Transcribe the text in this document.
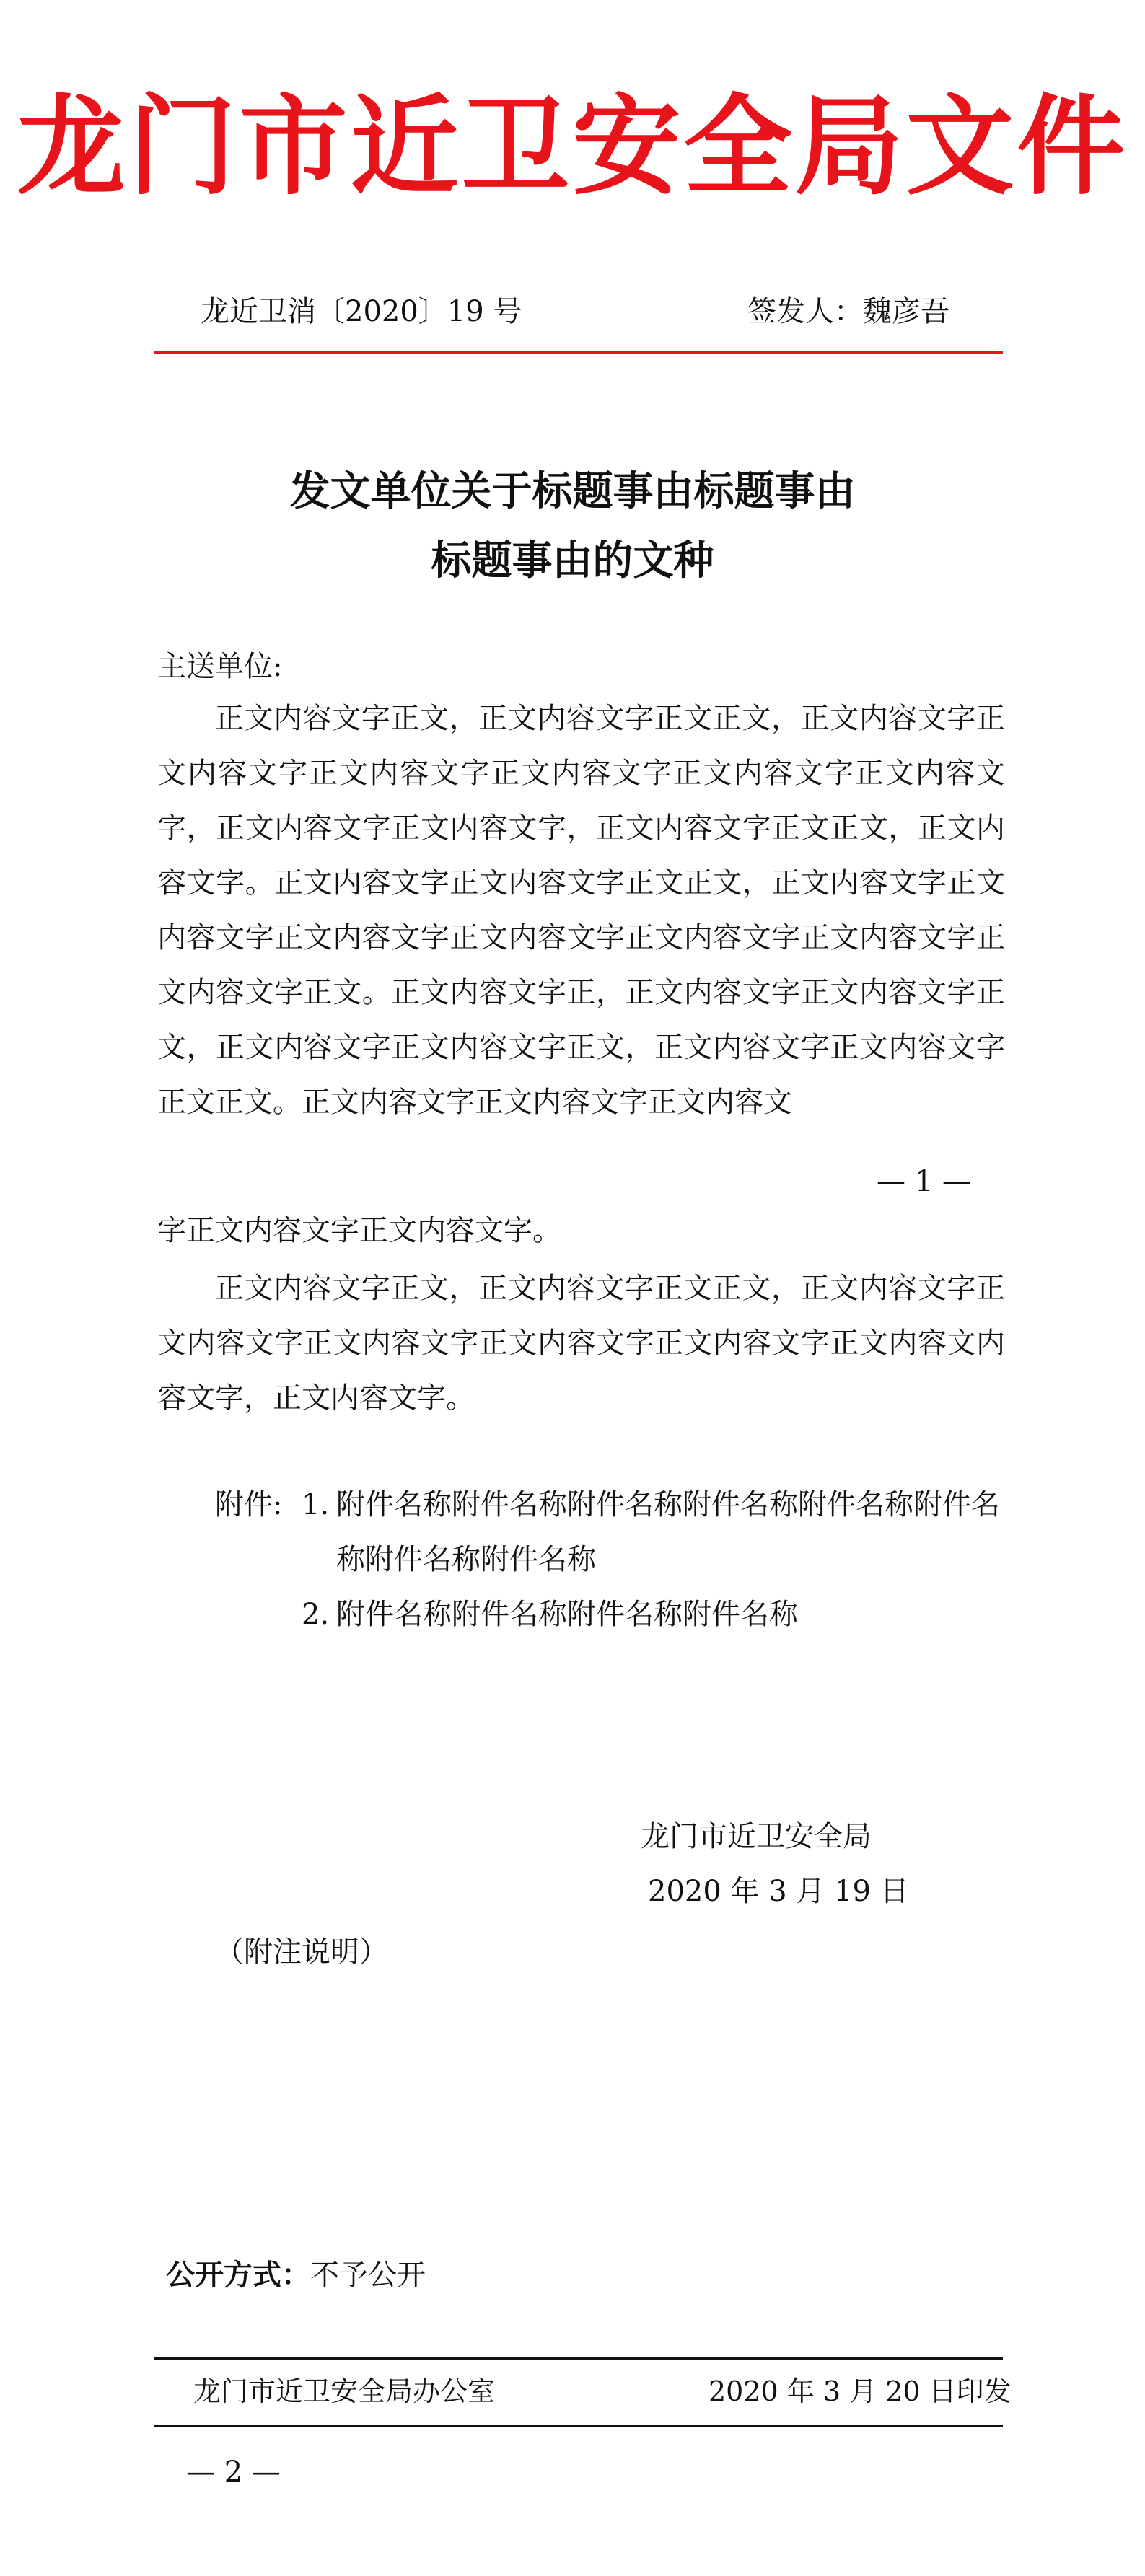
龙门市近卫安全局文件
龙近卫消〔2020〕19 号	签发人：魏彦吾
发文单位关于标题事由标题事由
标题事由的文种
主送单位:
正文内容文字正文，正文内容文字正文正文，正文内容文字正文内容文字正文内容文字正文内容文字正文内容文字正文内容文字，正文内容文字正文内容文字，正文内容文字正文正文，正文内容文字。正文内容文字正文内容文字正文正文，正文内容文字正文内容文字正文内容文字正文内容文字正文内容文字正文内容文字正文内容文字正文。正文内容文字正，正文内容文字正文内容文字正文，正文内容文字正文内容文字正文，正文内容文字正文内容文字正文正文。正文内容文字正文内容文字正文内容文
— 1 —
字正文内容文字正文内容文字。
正文内容文字正文，正文内容文字正文正文，正文内容文字正文内容文字正文内容文字正文内容文字正文内容文字正文内容文内容文字，正文内容文字。
附件: 1. 附件名称附件名称附件名称附件名称附件名称附件名称附件名称附件名称
2. 附件名称附件名称附件名称附件名称
龙门市近卫安全局
2020 年 3 月 19 日
（附注说明）
公开方式：不予公开
龙门市近卫安全局办公室	2020 年 3 月 20 日印发
— 2 —
